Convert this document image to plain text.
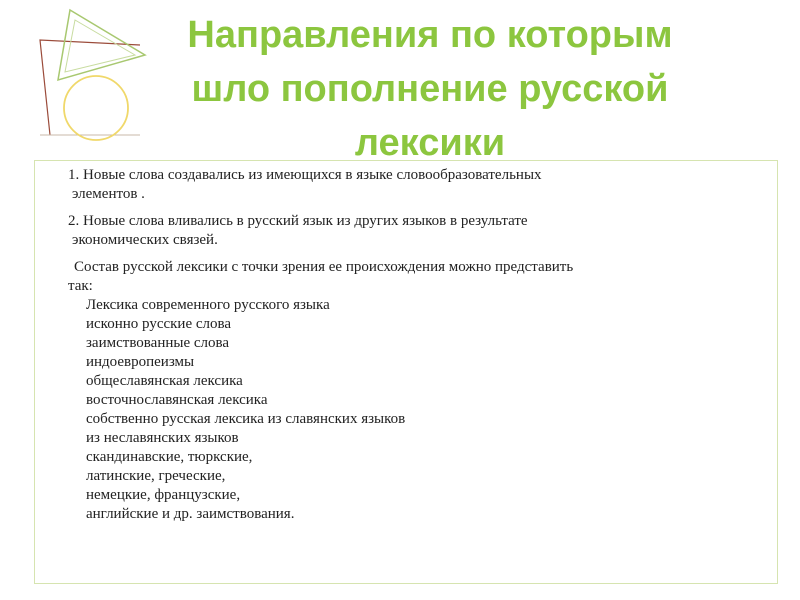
Направления по которым
шло пополнение русской
лексики

1. Новые слова создавались из имеющихся в языке словообразовательных
элементов .

2. Новые слова вливались в русский язык из других языков в результате
экономических связей.

Состав русской лексики с точки зрения ее происхождения можно представить
так:

Лексика современного русского языка
исконно русские слова
заимствованные слова
индоевропеизмы
общеславянская лексика
восточнославянская лексика
собственно русская лексика из славянских языков
из неславянских языков
скандинавские, тюркские,
латинские, греческие,
немецкие, французские,
английские и др. заимствования.
